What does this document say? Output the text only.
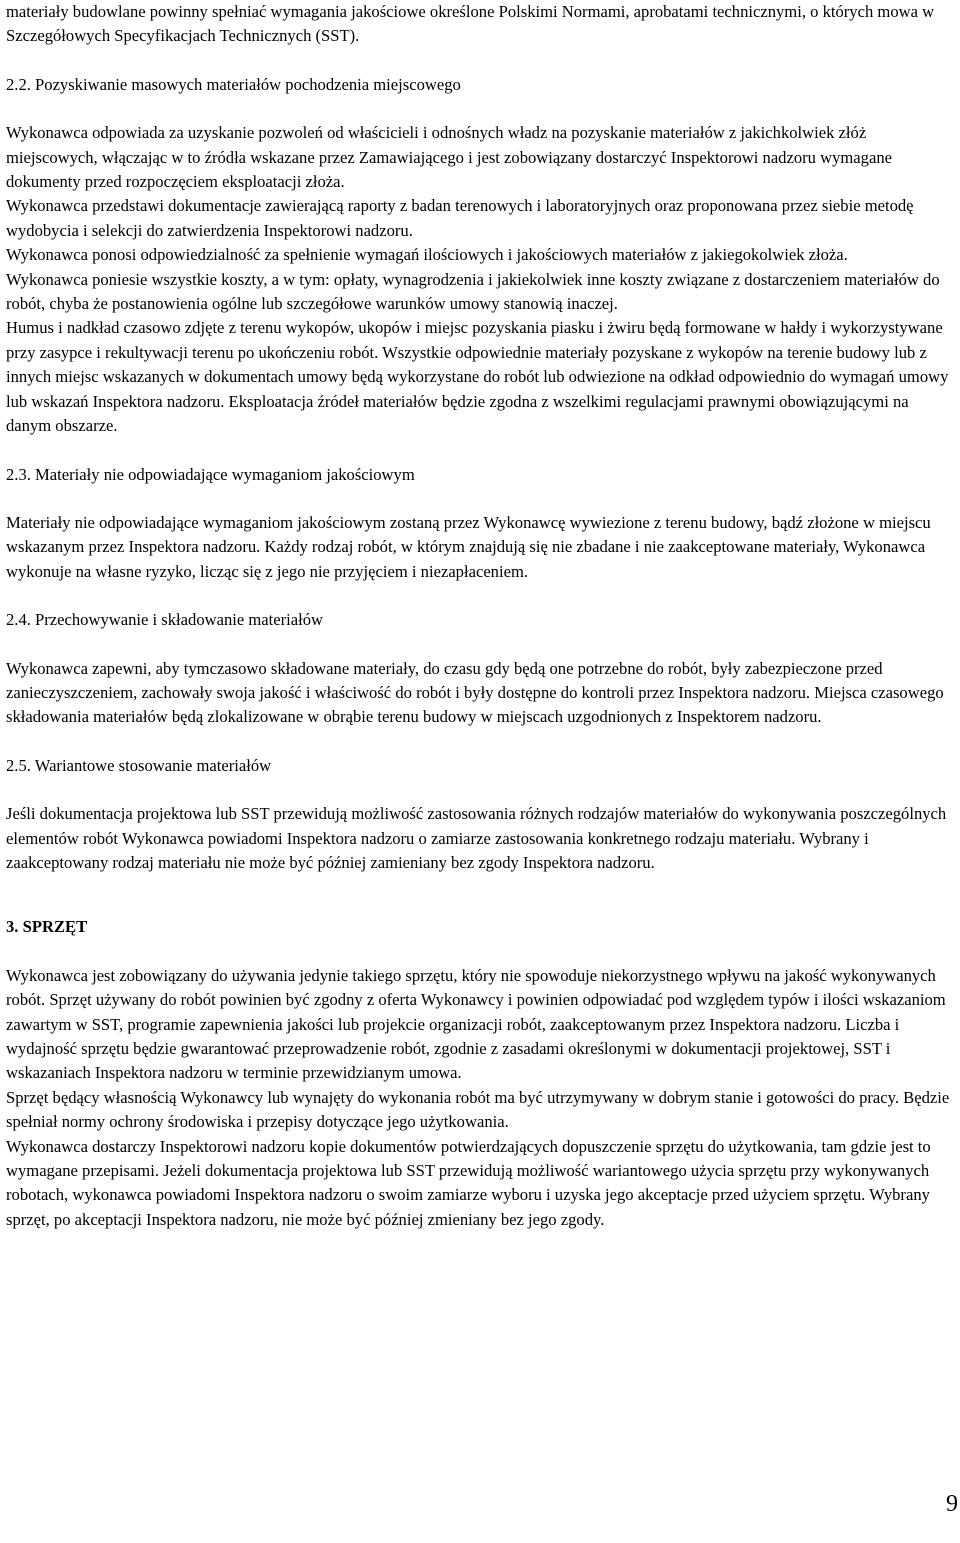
materiały budowlane powinny spełniać wymagania jakościowe określone Polskimi Normami, aprobatami technicznymi, o których mowa w Szczegółowych Specyfikacjach Technicznych (SST).

2.2. Pozyskiwanie masowych materiałów pochodzenia miejscowego

Wykonawca odpowiada za uzyskanie pozwoleń od właścicieli i odnośnych władz na pozyskanie materiałów z jakichkolwiek złóż miejscowych, włączając w to źródła wskazane przez Zamawiającego i jest zobowiązany dostarczyć Inspektorowi nadzoru wymagane dokumenty przed rozpoczęciem eksploatacji złoża.

Wykonawca przedstawi dokumentacje zawierającą raporty z badan terenowych i laboratoryjnych oraz proponowana przez siebie metodę wydobycia i selekcji do zatwierdzenia Inspektorowi nadzoru.

Wykonawca ponosi odpowiedzialność za spełnienie wymagań ilościowych i jakościowych materiałów z jakiegokolwiek złoża.

Wykonawca poniesie wszystkie koszty, a w tym: opłaty, wynagrodzenia i jakiekolwiek inne koszty związane z dostarczeniem materiałów do robót, chyba że postanowienia ogólne lub szczegółowe warunków umowy stanowią inaczej.

Humus i nadkład czasowo zdjęte z terenu wykopów, ukopów i miejsc pozyskania piasku i żwiru będą formowane w hałdy i wykorzystywane przy zasypce i rekultywacji terenu po ukończeniu robót. Wszystkie odpowiednie materiały pozyskane z wykopów na terenie budowy lub z innych miejsc wskazanych w dokumentach umowy będą wykorzystane do robót lub odwiezione na odkład odpowiednio do wymagań umowy lub wskazań Inspektora nadzoru. Eksploatacja źródeł materiałów będzie zgodna z wszelkimi regulacjami prawnymi obowiązującymi na danym obszarze.

2.3. Materiały nie odpowiadające wymaganiom jakościowym

Materiały nie odpowiadające wymaganiom jakościowym zostaną przez Wykonawcę wywiezione z terenu budowy, bądź złożone w miejscu wskazanym przez Inspektora nadzoru. Każdy rodzaj robót, w którym znajdują się nie zbadane i nie zaakceptowane materiały, Wykonawca wykonuje na własne ryzyko, licząc się z jego nie przyjęciem i niezapłaceniem.

2.4. Przechowywanie i składowanie materiałów

Wykonawca zapewni, aby tymczasowo składowane materiały, do czasu gdy będą one potrzebne do robót, były zabezpieczone przed zanieczyszczeniem, zachowały swoja jakość i właściwość do robót i były dostępne do kontroli przez Inspektora nadzoru. Miejsca czasowego składowania materiałów będą zlokalizowane w obrąbie terenu budowy w miejscach uzgodnionych z Inspektorem nadzoru.

2.5. Wariantowe stosowanie materiałów

Jeśli dokumentacja projektowa lub SST przewidują możliwość zastosowania różnych rodzajów materiałów do wykonywania poszczególnych elementów robót Wykonawca powiadomi Inspektora nadzoru o zamiarze zastosowania konkretnego rodzaju materiału. Wybrany i zaakceptowany rodzaj materiału nie może być później zamieniany bez zgody Inspektora nadzoru.

3. SPRZĘT

Wykonawca jest zobowiązany do używania jedynie takiego sprzętu, który nie spowoduje niekorzystnego wpływu na jakość wykonywanych robót. Sprzęt używany do robót powinien być zgodny z oferta Wykonawcy i powinien odpowiadać pod względem typów i ilości wskazaniom zawartym w SST, programie zapewnienia jakości lub projekcie organizacji robót, zaakceptowanym przez Inspektora nadzoru. Liczba i wydajność sprzętu będzie gwarantować przeprowadzenie robót, zgodnie z zasadami określonymi w dokumentacji projektowej, SST i wskazaniach Inspektora nadzoru w terminie przewidzianym umowa.

Sprzęt będący własnością Wykonawcy lub wynajęty do wykonania robót ma być utrzymywany w dobrym stanie i gotowości do pracy. Będzie spełniał normy ochrony środowiska i przepisy dotyczące jego użytkowania.

Wykonawca dostarczy Inspektorowi nadzoru kopie dokumentów potwierdzających dopuszczenie sprzętu do użytkowania, tam gdzie jest to wymagane przepisami. Jeżeli dokumentacja projektowa lub SST przewidują możliwość wariantowego użycia sprzętu przy wykonywanych robotach, wykonawca powiadomi Inspektora nadzoru o swoim zamiarze wyboru i uzyska jego akceptacje przed użyciem sprzętu. Wybrany sprzęt, po akceptacji Inspektora nadzoru, nie może być później zmieniany bez jego zgody.

9
